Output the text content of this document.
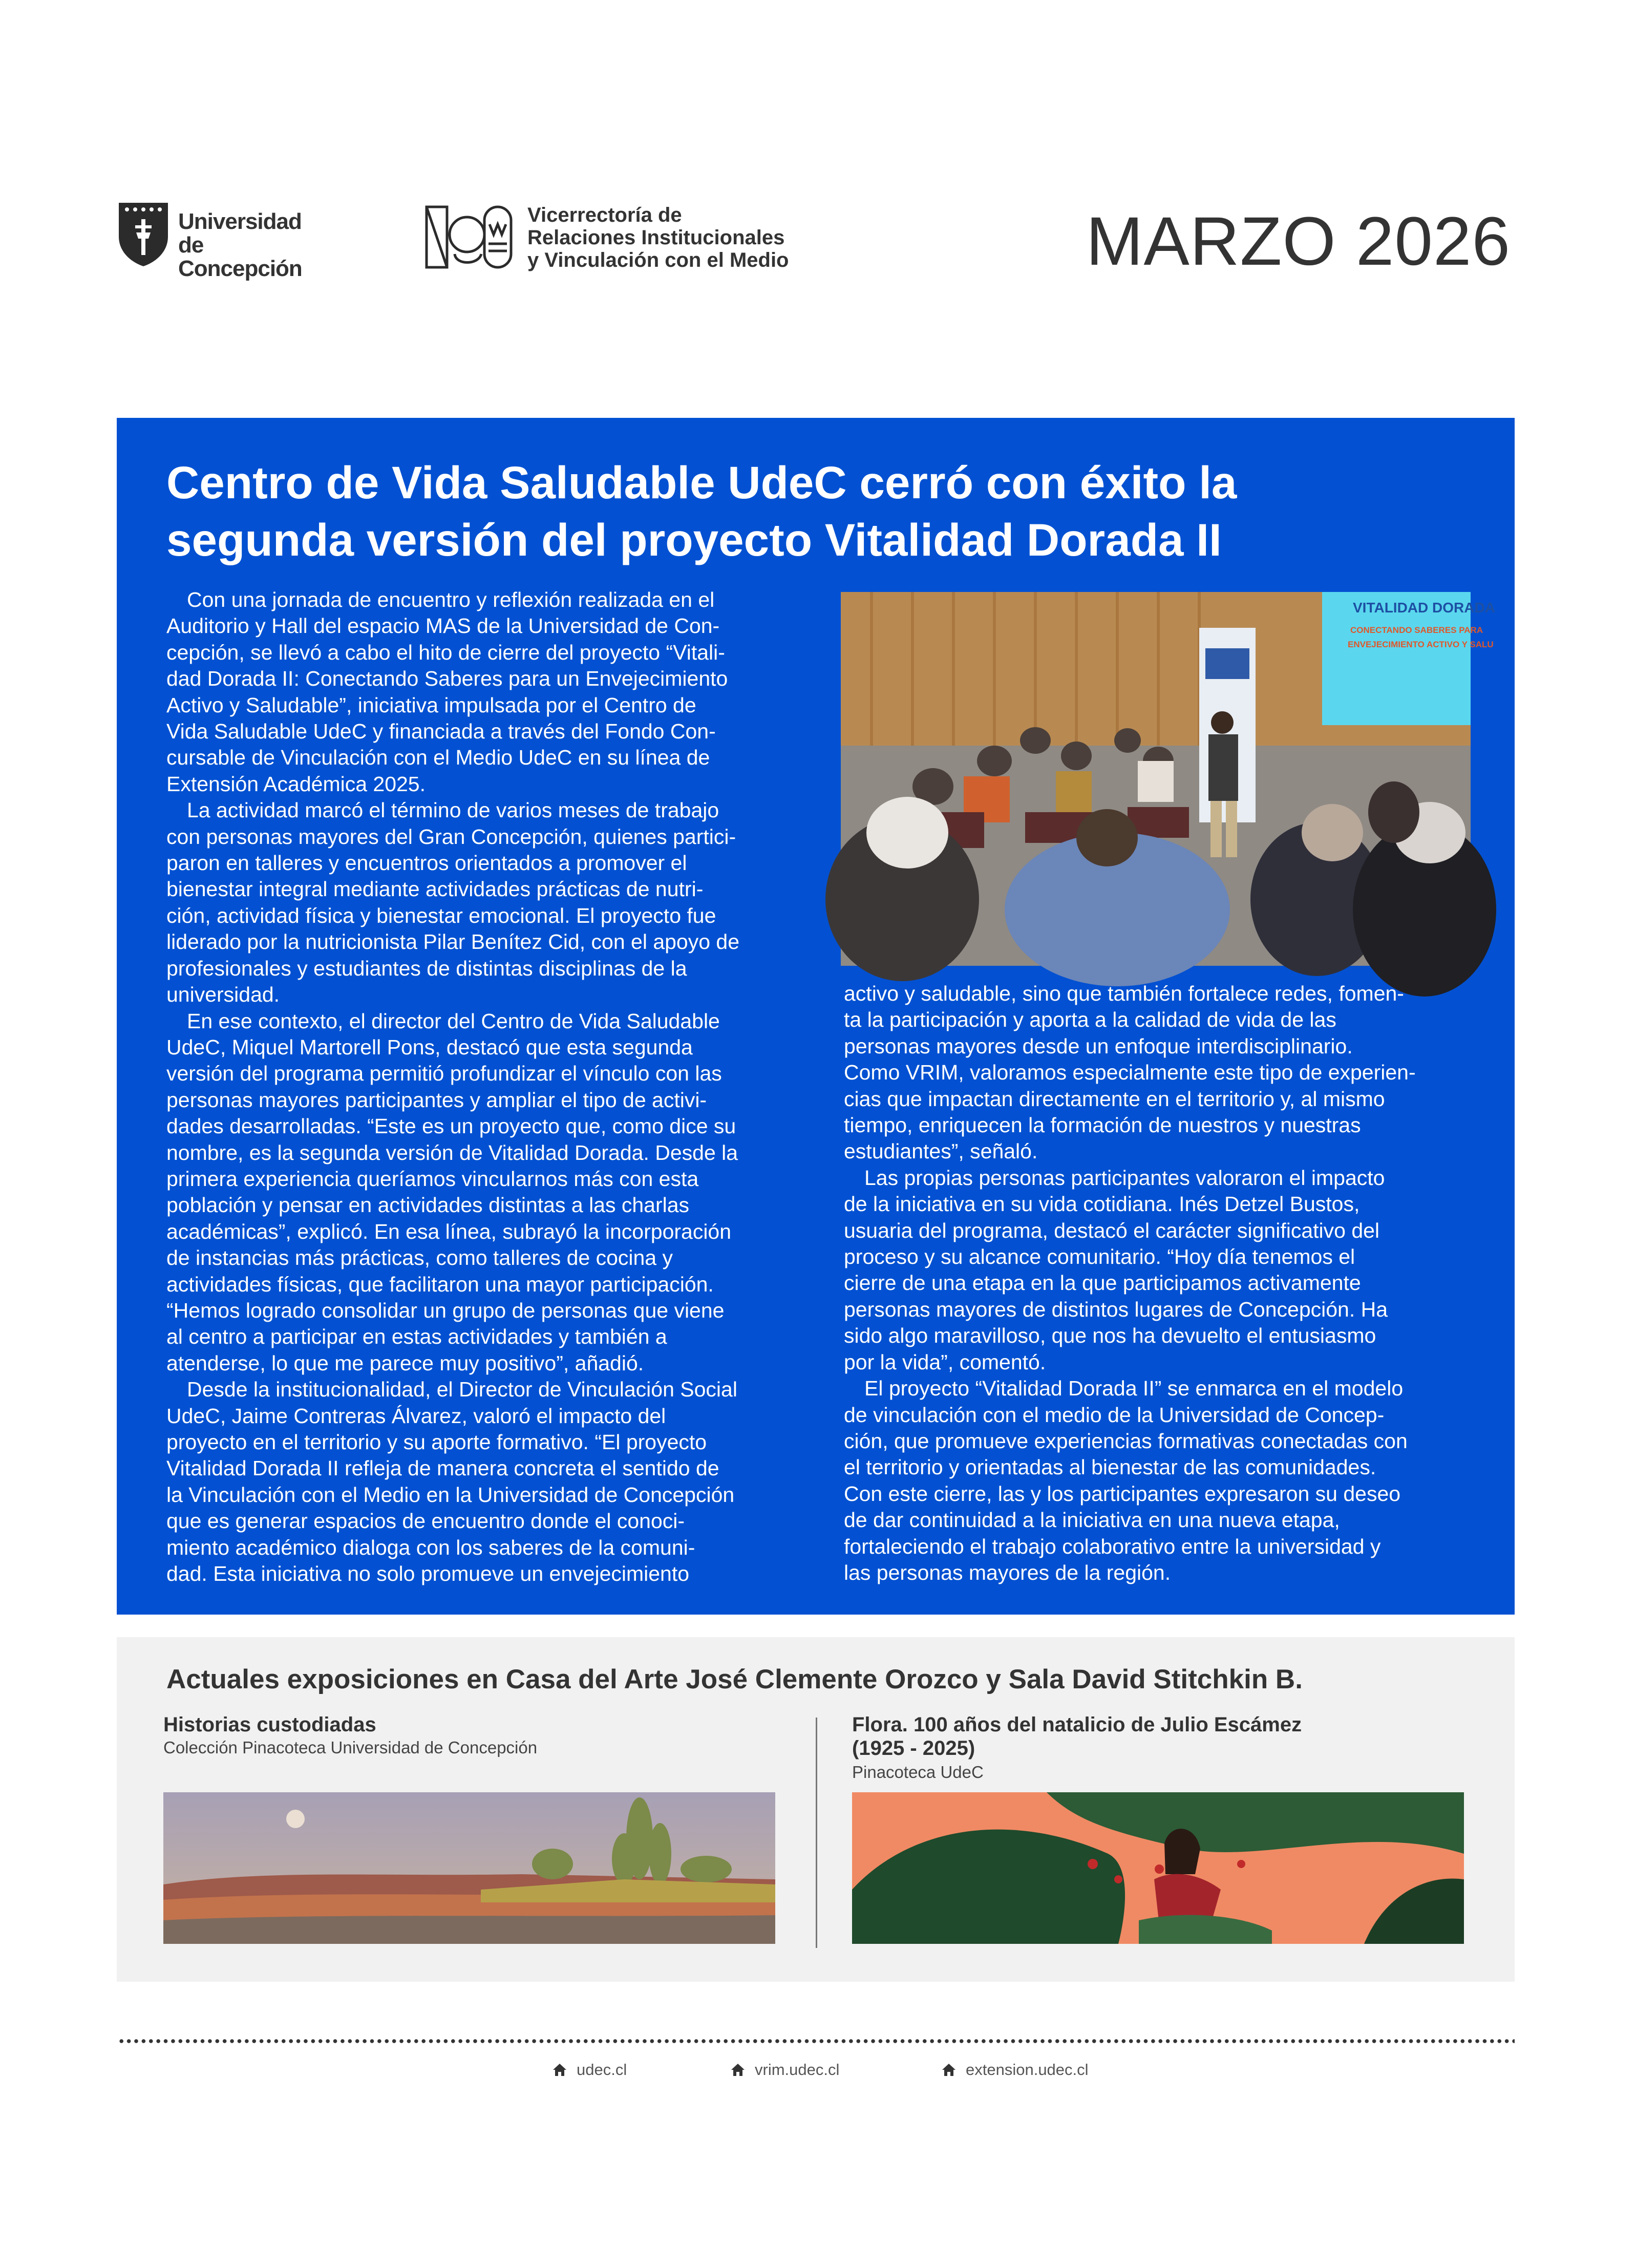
Universidad
de Concepción
Vicerrectoría de
Relaciones Institucionales
y Vinculación con el Medio	MARZO 2026
Centro de Vida Saludable UdeC cerró con éxito la
segunda versión del proyecto Vitalidad Dorada II
Con una jornada de encuentro y reflexión realizada en el
Auditorio y Hall del espacio MAS de la Universidad de Con-
cepción, se llevó a cabo el hito de cierre del proyecto “Vitali-
dad Dorada II: Conectando Saberes para un Envejecimiento
Activo y Saludable”, iniciativa impulsada por el Centro de
Vida Saludable UdeC y financiada a través del Fondo Con-
cursable de Vinculación con el Medio UdeC en su línea de
Extensión Académica 2025.
La actividad marcó el término de varios meses de trabajo
con personas mayores del Gran Concepción, quienes partici-
paron en talleres y encuentros orientados a promover el
bienestar integral mediante actividades prácticas de nutri-
ción, actividad física y bienestar emocional. El proyecto fue
liderado por la nutricionista Pilar Benítez Cid, con el apoyo de
profesionales y estudiantes de distintas disciplinas de la
universidad.
En ese contexto, el director del Centro de Vida Saludable
UdeC, Miquel Martorell Pons, destacó que esta segunda
versión del programa permitió profundizar el vínculo con las
personas mayores participantes y ampliar el tipo de activi-
dades desarrolladas. “Este es un proyecto que, como dice su
nombre, es la segunda versión de Vitalidad Dorada. Desde la
primera experiencia queríamos vincularnos más con esta
población y pensar en actividades distintas a las charlas
académicas”, explicó. En esa línea, subrayó la incorporación
de instancias más prácticas, como talleres de cocina y
actividades físicas, que facilitaron una mayor participación.
“Hemos logrado consolidar un grupo de personas que viene
al centro a participar en estas actividades y también a
atenderse, lo que me parece muy positivo”, añadió.
Desde la institucionalidad, el Director de Vinculación Social
UdeC, Jaime Contreras Álvarez, valoró el impacto del
proyecto en el territorio y su aporte formativo. “El proyecto
Vitalidad Dorada II refleja de manera concreta el sentido de
la Vinculación con el Medio en la Universidad de Concepción
que es generar espacios de encuentro donde el conoci-
miento académico dialoga con los saberes de la comuni-
dad. Esta iniciativa no solo promueve un envejecimiento
VITALIDAD DORADA
CONECTANDO SABERES PARA
ENVEJECIMIENTO ACTIVO Y SALU
activo y saludable, sino que también fortalece redes, fomen-
ta la participación y aporta a la calidad de vida de las
personas mayores desde un enfoque interdisciplinario.
Como VRIM, valoramos especialmente este tipo de experien-
cias que impactan directamente en el territorio y, al mismo
tiempo, enriquecen la formación de nuestros y nuestras
estudiantes”, señaló.
Las propias personas participantes valoraron el impacto
de la iniciativa en su vida cotidiana. Inés Detzel Bustos,
usuaria del programa, destacó el carácter significativo del
proceso y su alcance comunitario. “Hoy día tenemos el
cierre de una etapa en la que participamos activamente
personas mayores de distintos lugares de Concepción. Ha
sido algo maravilloso, que nos ha devuelto el entusiasmo
por la vida”, comentó.
El proyecto “Vitalidad Dorada II” se enmarca en el modelo
de vinculación con el medio de la Universidad de Concep-
ción, que promueve experiencias formativas conectadas con
el territorio y orientadas al bienestar de las comunidades.
Con este cierre, las y los participantes expresaron su deseo
de dar continuidad a la iniciativa en una nueva etapa,
fortaleciendo el trabajo colaborativo entre la universidad y
las personas mayores de la región.
Actuales exposiciones en Casa del Arte José Clemente Orozco y Sala David Stitchkin B.
Historias custodiadas
Colección Pinacoteca Universidad de Concepción
Flora. 100 años del natalicio de Julio Escámez
(1925 - 2025)
Pinacoteca UdeC
udec.cl	vrim.udec.cl	extension.udec.cl
